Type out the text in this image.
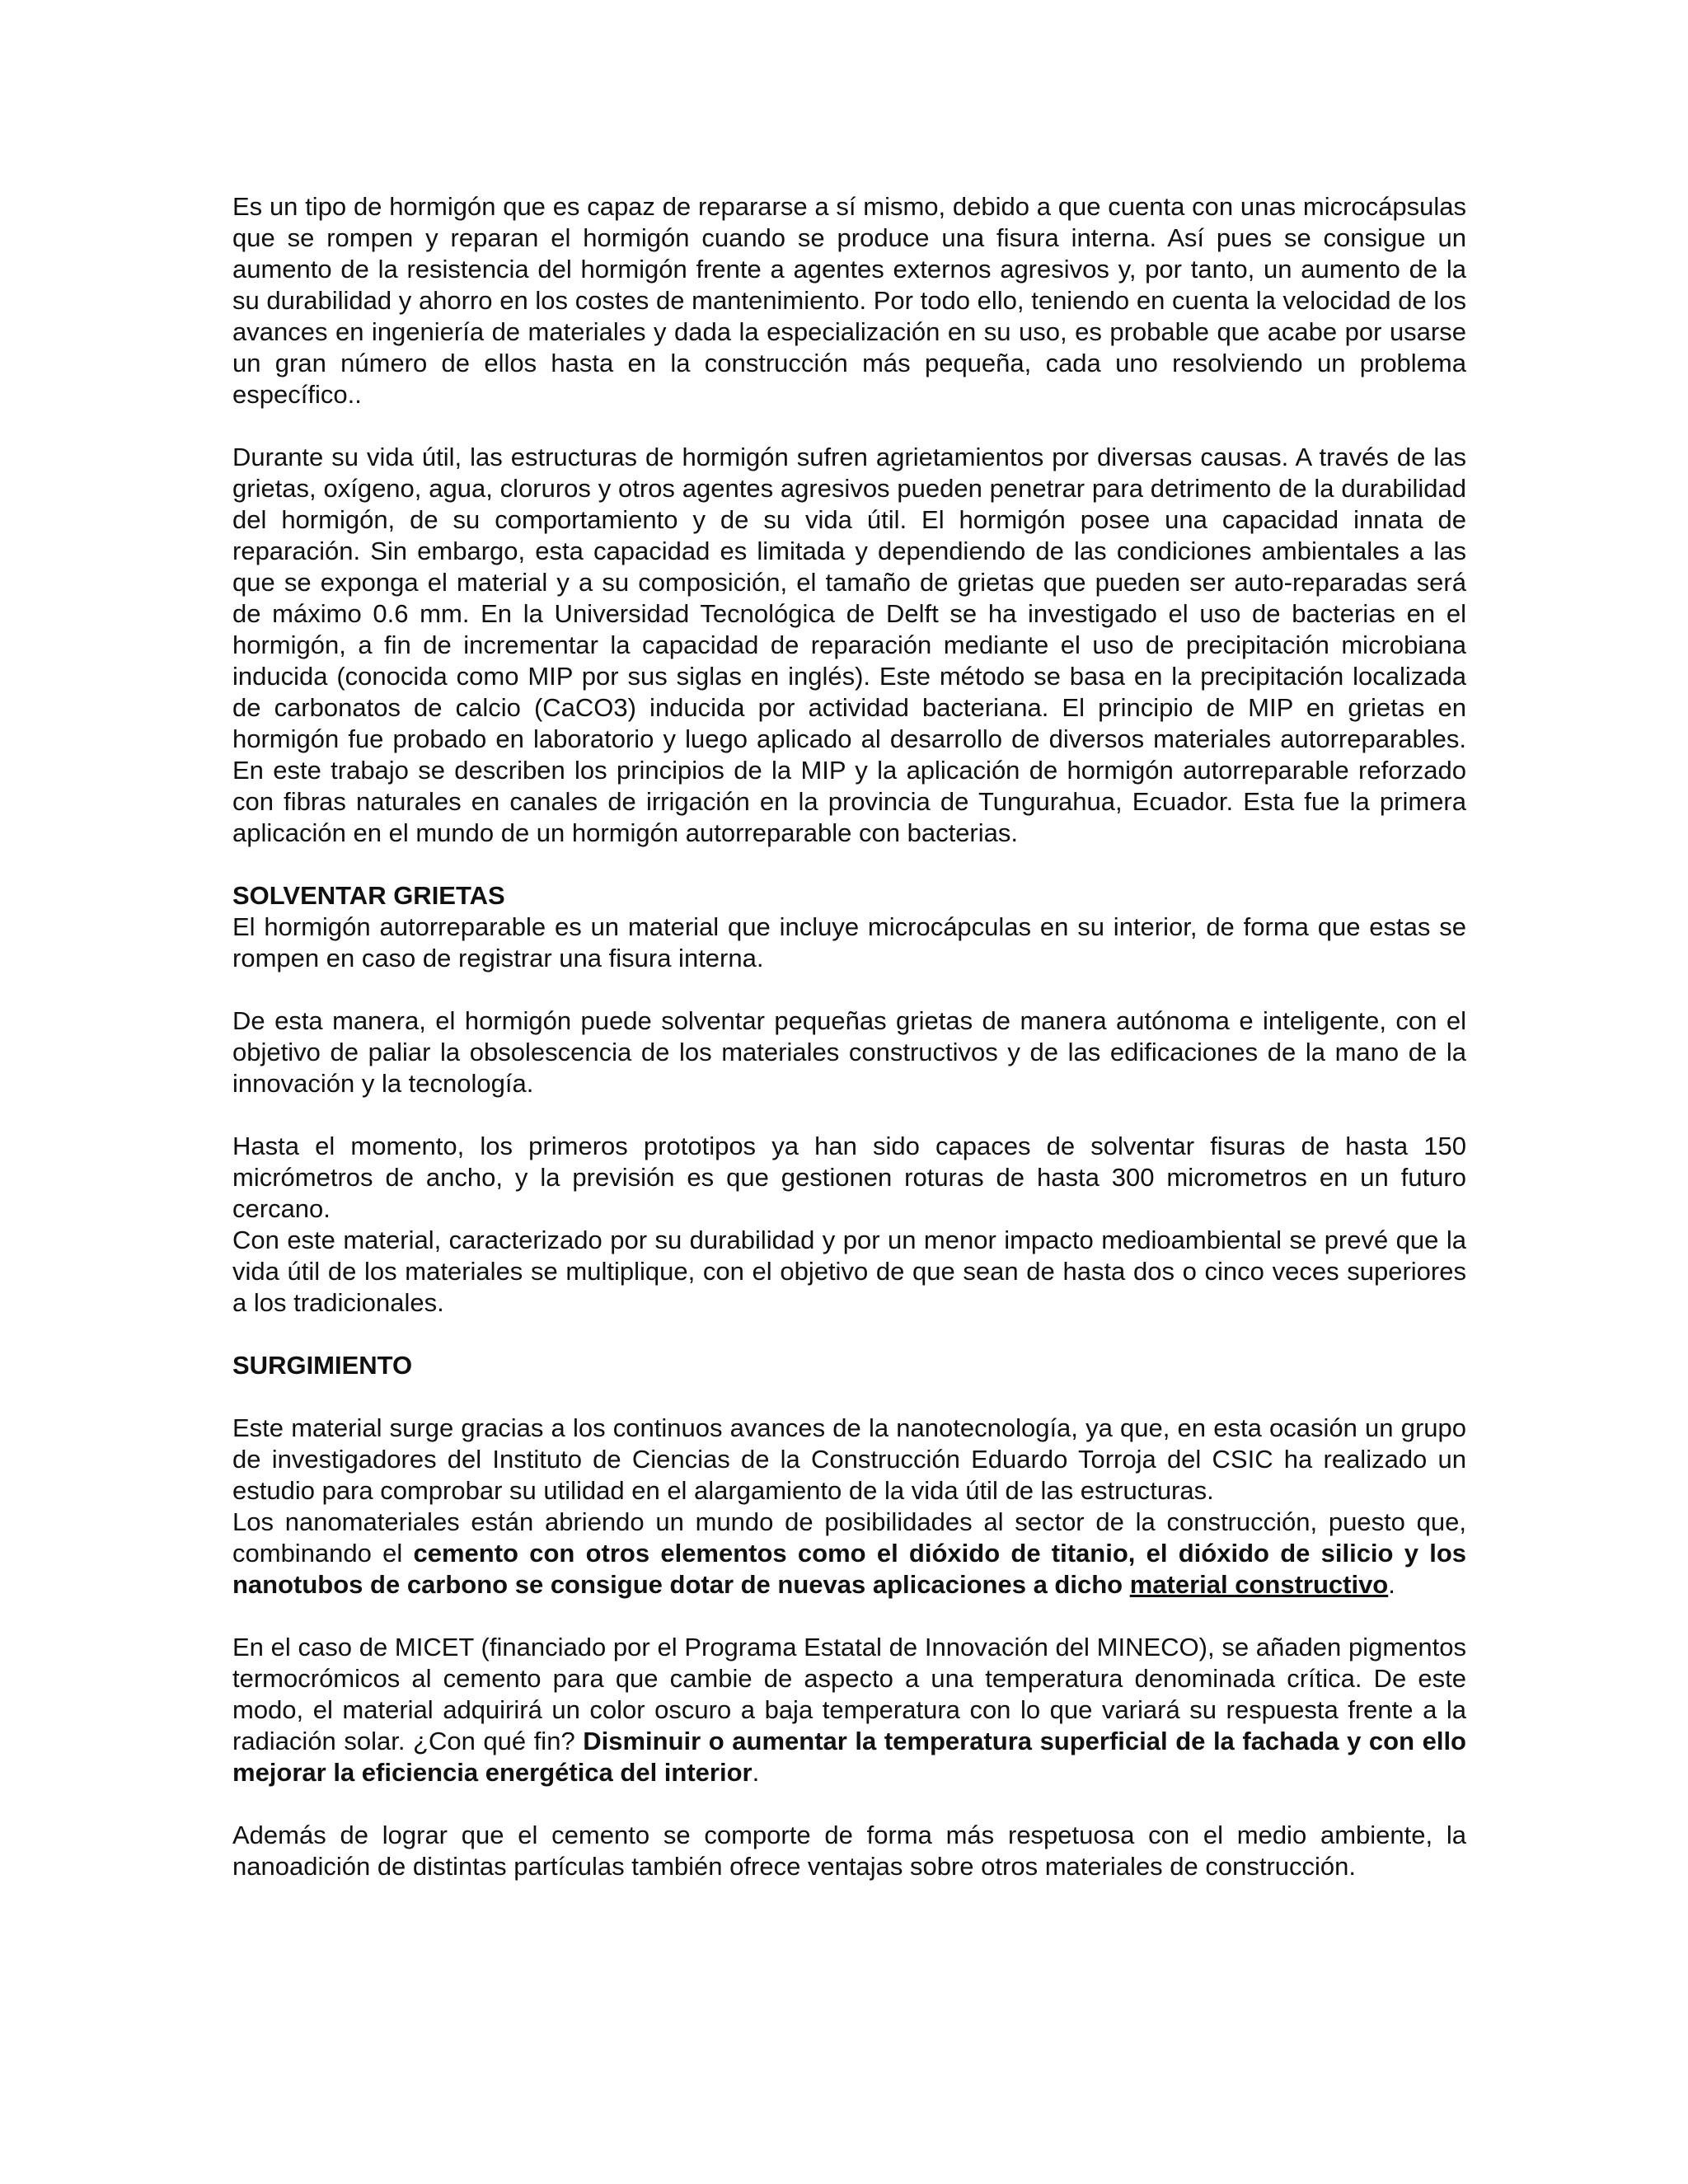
Es un tipo de hormigón que es capaz de repararse a sí mismo, debido a que cuenta con unas microcápsulas que se rompen y reparan el hormigón cuando se produce una fisura interna. Así pues se consigue un aumento de la resistencia del hormigón frente a agentes externos agresivos y, por tanto, un aumento de la su durabilidad y ahorro en los costes de mantenimiento. Por todo ello, teniendo en cuenta la velocidad de los avances en ingeniería de materiales y dada la especialización en su uso, es probable que acabe por usarse un gran número de ellos hasta en la construcción más pequeña, cada uno resolviendo un problema específico..

Durante su vida útil, las estructuras de hormigón sufren agrietamientos por diversas causas. A través de las grietas, oxígeno, agua, cloruros y otros agentes agresivos pueden penetrar para detrimento de la durabilidad del hormigón, de su comportamiento y de su vida útil. El hormigón posee una capacidad innata de reparación. Sin embargo, esta capacidad es limitada y dependiendo de las condiciones ambientales a las que se exponga el material y a su composición, el tamaño de grietas que pueden ser auto-reparadas será de máximo 0.6 mm. En la Universidad Tecnológica de Delft se ha investigado el uso de bacterias en el hormigón, a fin de incrementar la capacidad de reparación mediante el uso de precipitación microbiana inducida (conocida como MIP por sus siglas en inglés). Este método se basa en la precipitación localizada de carbonatos de calcio (CaCO3) inducida por actividad bacteriana. El principio de MIP en grietas en hormigón fue probado en laboratorio y luego aplicado al desarrollo de diversos materiales autorreparables. En este trabajo se describen los principios de la MIP y la aplicación de hormigón autorreparable reforzado con fibras naturales en canales de irrigación en la provincia de Tungurahua, Ecuador. Esta fue la primera aplicación en el mundo de un hormigón autorreparable con bacterias.

SOLVENTAR GRIETAS

El hormigón autorreparable es un material que incluye microcápculas en su interior, de forma que estas se rompen en caso de registrar una fisura interna.

De esta manera, el hormigón puede solventar pequeñas grietas de manera autónoma e inteligente, con el objetivo de paliar la obsolescencia de los materiales constructivos y de las edificaciones de la mano de la innovación y la tecnología.

Hasta el momento, los primeros prototipos ya han sido capaces de solventar fisuras de hasta 150 micrómetros de ancho, y la previsión es que gestionen roturas de hasta 300 micrometros en un futuro cercano.

Con este material, caracterizado por su durabilidad y por un menor impacto medioambiental se prevé que la vida útil de los materiales se multiplique, con el objetivo de que sean de hasta dos o cinco veces superiores a los tradicionales.

SURGIMIENTO

Este material surge gracias a los continuos avances de la nanotecnología, ya que, en esta ocasión un grupo de investigadores del Instituto de Ciencias de la Construcción Eduardo Torroja del CSIC ha realizado un estudio para comprobar su utilidad en el alargamiento de la vida útil de las estructuras.

Los nanomateriales están abriendo un mundo de posibilidades al sector de la construcción, puesto que, combinando el cemento con otros elementos como el dióxido de titanio, el dióxido de silicio y los nanotubos de carbono se consigue dotar de nuevas aplicaciones a dicho material constructivo.

En el caso de MICET (financiado por el Programa Estatal de Innovación del MINECO), se añaden pigmentos termocrómicos al cemento para que cambie de aspecto a una temperatura denominada crítica. De este modo, el material adquirirá un color oscuro a baja temperatura con lo que variará su respuesta frente a la radiación solar. ¿Con qué fin? Disminuir o aumentar la temperatura superficial de la fachada y con ello mejorar la eficiencia energética del interior.

Además de lograr que el cemento se comporte de forma más respetuosa con el medio ambiente, la nanoadición de distintas partículas también ofrece ventajas sobre otros materiales de construcción.
